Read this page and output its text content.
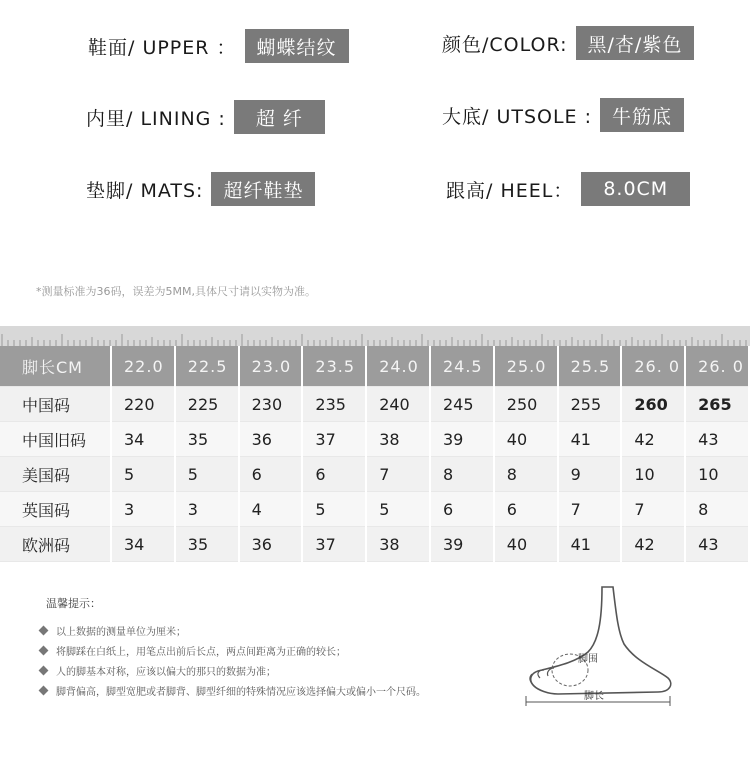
鞋面/ UPPER ：	蝴蝶结纹	颜色/COLOR:	黑/杏/紫色
内里/ LINING :	超 纤	大底/ UTSOLE :	牛筋底
垫脚/ MATS:	超纤鞋垫	跟高/ HEEL：	8.0CM
*测量标准为36码，误差为5MM,具体尺寸请以实物为准。
脚长CM	22.0	22.5	23.0	23.5	24.0	24.5	25.0	25.5	26. 0	26. 0
中国码	220	225	230	235	240	245	250	255	260	265
中国旧码	34	35	36	37	38	39	40	41	42	43
美国码	5	5	6	6	7	8	8	9	10	10
英国码	3	3	4	5	5	6	6	7	7	8
欧洲码	34	35	36	37	38	39	40	41	42	43
温馨提示：
以上数据的测量单位为厘米；
将脚踩在白纸上，用笔点出前后长点，两点间距离为正确的较长；
人的脚基本对称，应该以偏大的那只的数据为准；
脚背偏高，脚型宽肥或者脚背、脚型纤细的特殊情况应该选择偏大或偏小一个尺码。
脚围
脚长
